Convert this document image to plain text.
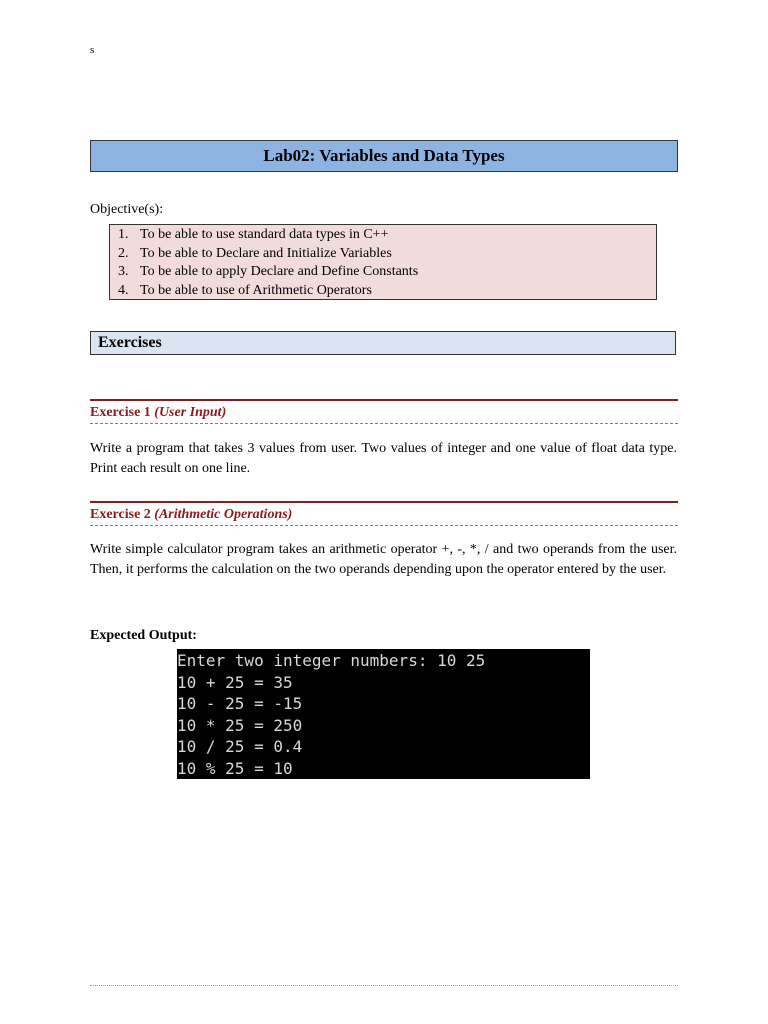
s
Lab02: Variables and Data Types
Objective(s):
1. To be able to use standard data types in C++
2. To be able to Declare and Initialize Variables
3. To be able to apply Declare and Define Constants
4. To be able to use of Arithmetic Operators
Exercises
Exercise 1 (User Input)
Write a program that takes 3 values from user. Two values of integer and one value of float data type. Print each result on one line.
Exercise 2 (Arithmetic Operations)
Write simple calculator program takes an arithmetic operator +, -, *, / and two operands from the user. Then, it performs the calculation on the two operands depending upon the operator entered by the user.
Expected Output:
Enter two integer numbers: 10 25
10 + 25 = 35
10 - 25 = -15
10 * 25 = 250
10 / 25 = 0.4
10 % 25 = 10
